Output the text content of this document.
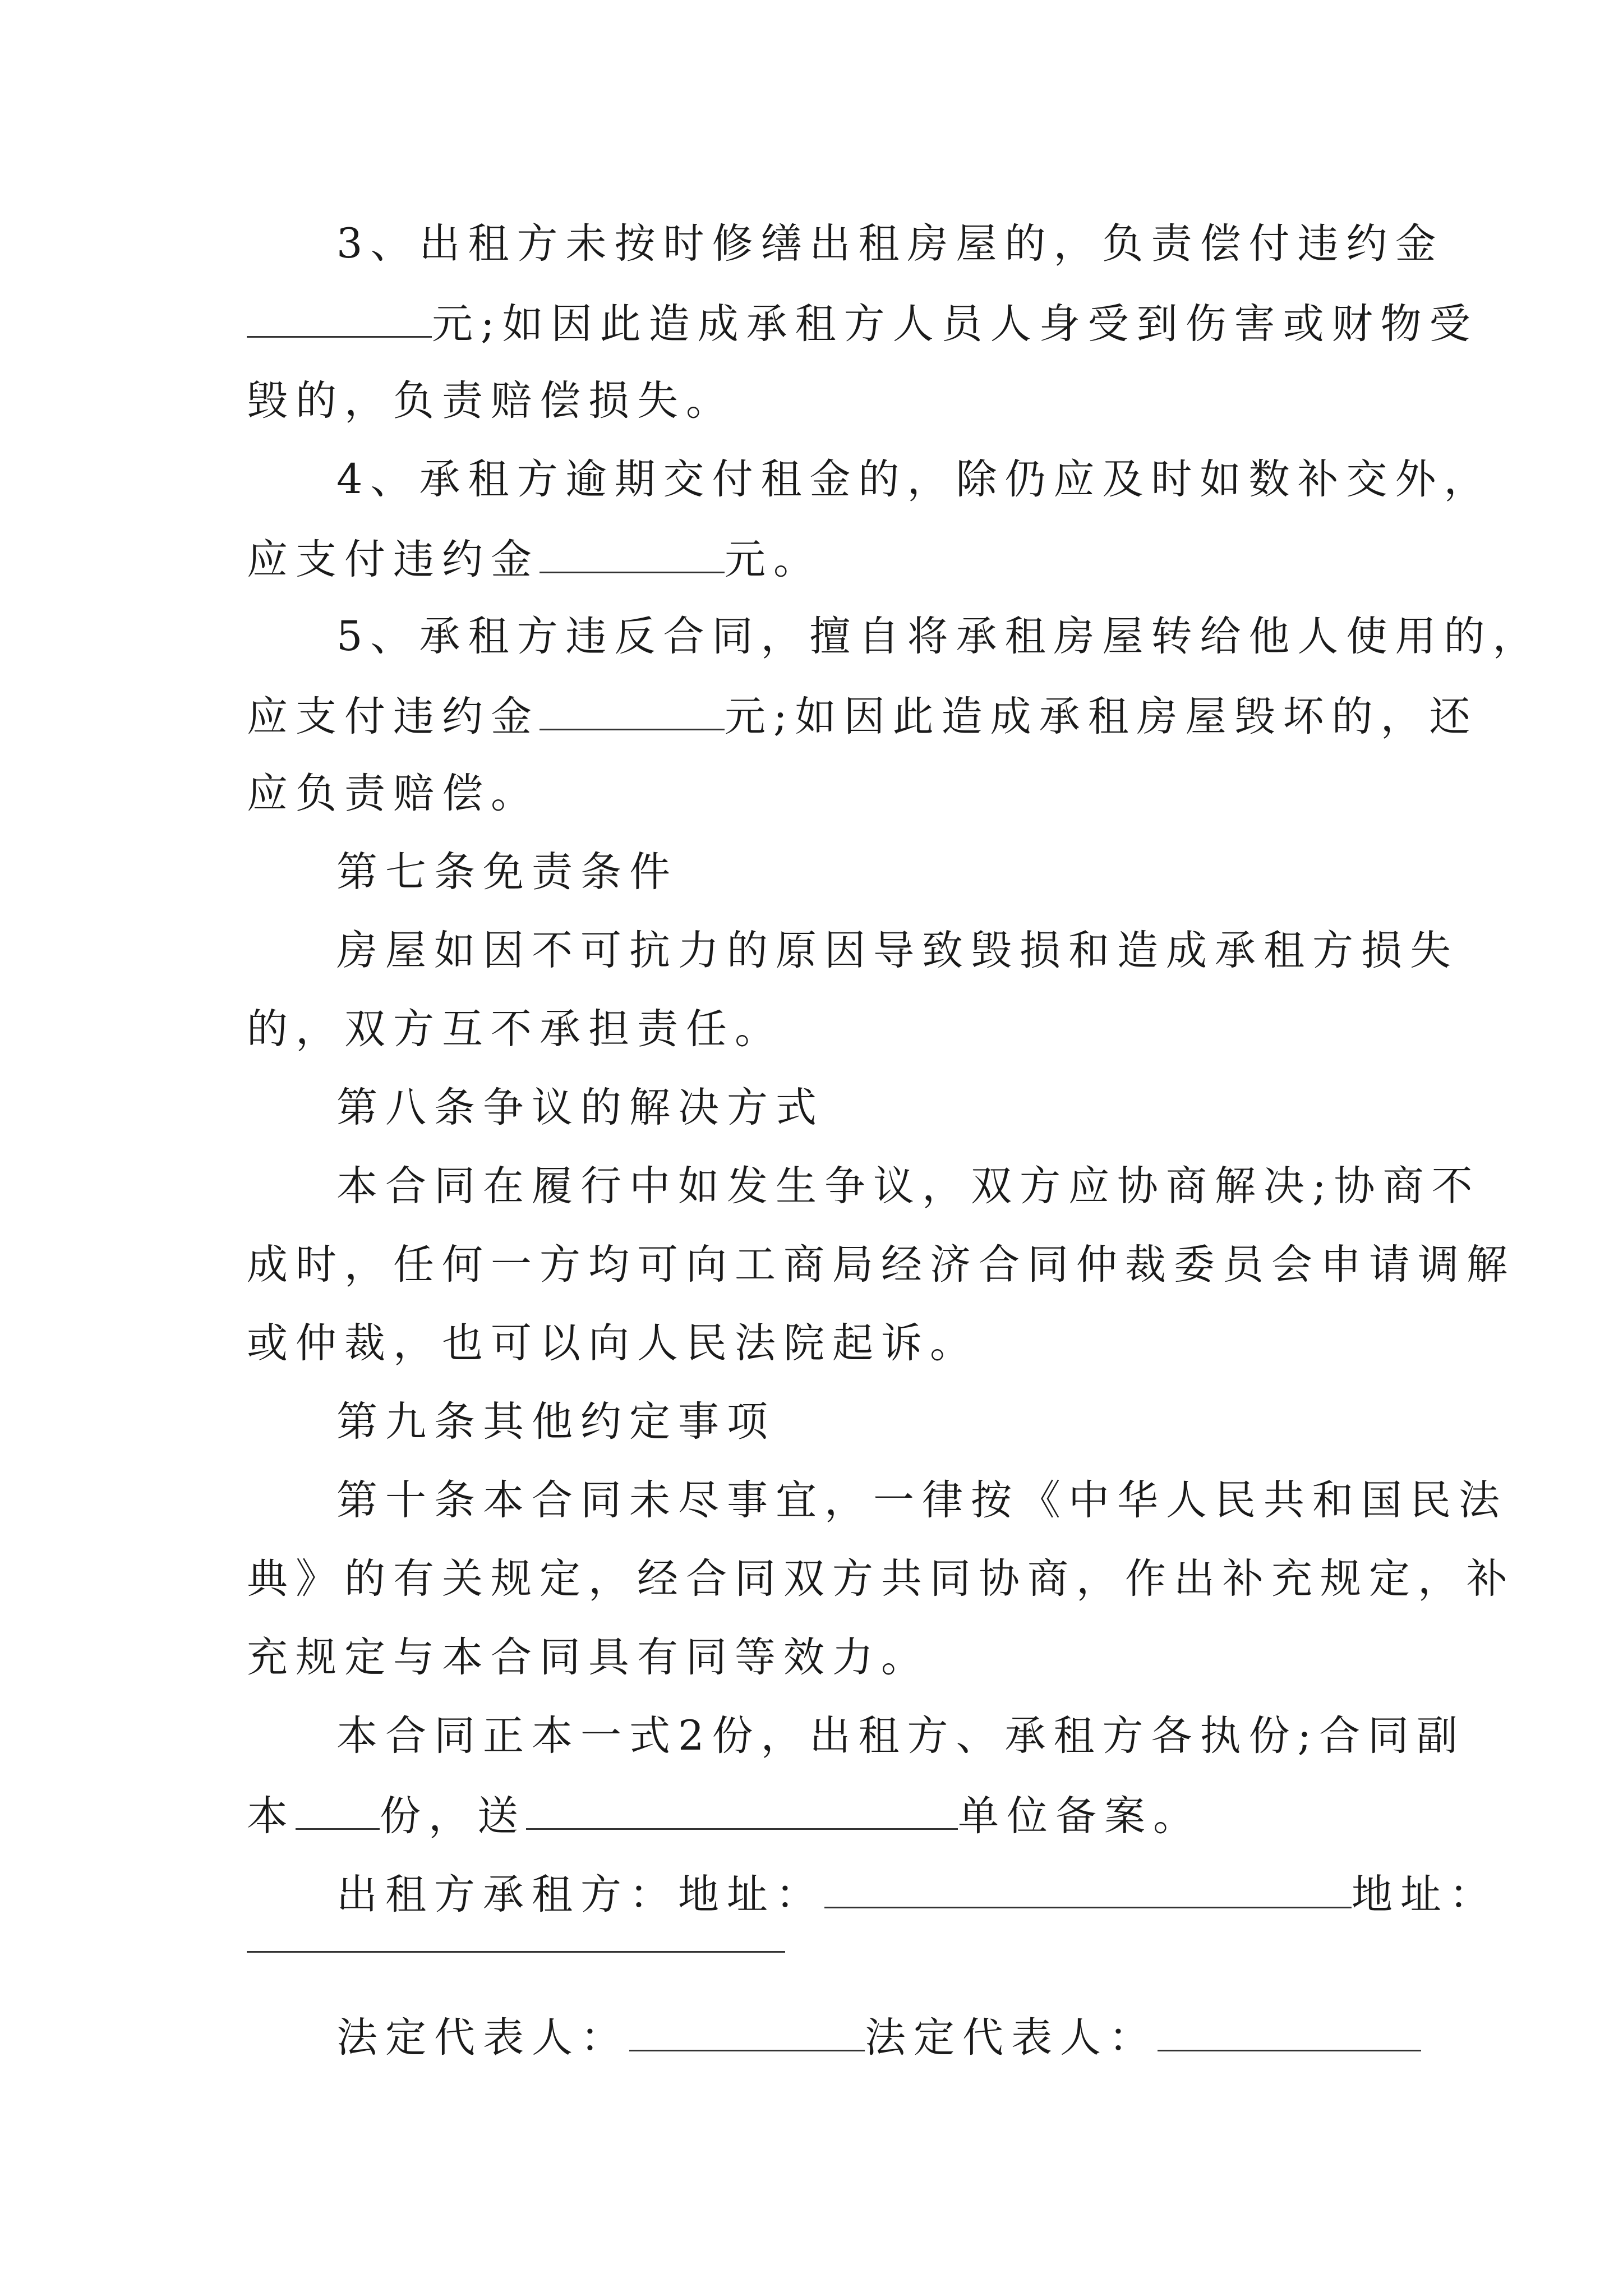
3、出租方未按时修缮出租房屋的，负责偿付违约金
元;如因此造成承租方人员人身受到伤害或财物受
毁的，负责赔偿损失。
4、承租方逾期交付租金的，除仍应及时如数补交外，
应支付违约金	元。
5、承租方违反合同，擅自将承租房屋转给他人使用的，
应支付违约金	元;如因此造成承租房屋毁坏的，还
应负责赔偿。
第七条免责条件
房屋如因不可抗力的原因导致毁损和造成承租方损失
的，双方互不承担责任。
第八条争议的解决方式
本合同在履行中如发生争议，双方应协商解决;协商不
成时，任何一方均可向工商局经济合同仲裁委员会申请调解
或仲裁，也可以向人民法院起诉。
第九条其他约定事项
第十条本合同未尽事宜，一律按《中华人民共和国民法
典》的有关规定，经合同双方共同协商，作出补充规定，补
充规定与本合同具有同等效力。
本合同正本一式2份，出租方、承租方各执份;合同副
本 份，送	单位备案。
出租方承租方：地址：	地址：
法定代表人：	法定代表人：
